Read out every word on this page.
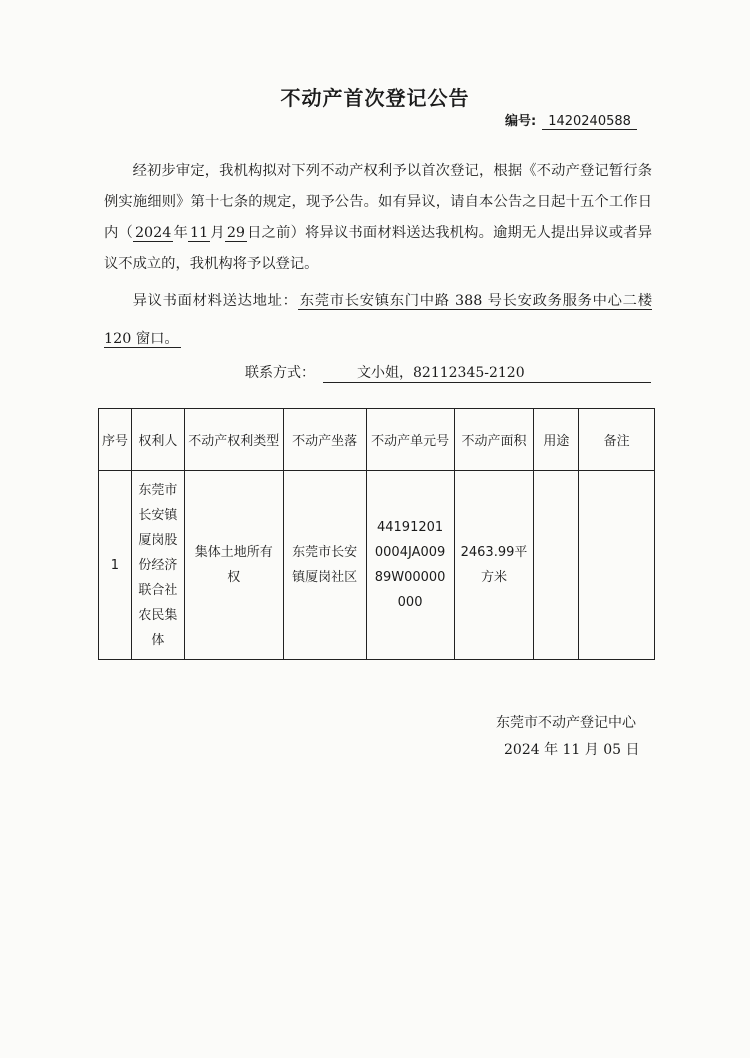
不动产首次登记公告
编号: 1420240588
经初步审定，我机构拟对下列不动产权利予以首次登记，根据《不动产登记暂行条例实施细则》第十七条的规定，现予公告。如有异议，请自本公告之日起十五个工作日内（ 2024 年 11 月 29 日之前）将异议书面材料送达我机构。逾期无人提出异议或者异议不成立的，我机构将予以登记。
异议书面材料送达地址： 东莞市长安镇东门中路 388 号长安政务服务中心二楼 120 窗口。
联系方式：	文小姐，82112345-2120
序号	权利人	不动产权利类型	不动产坐落	不动产单元号	不动产面积	用途	备注
1	东莞市长安镇厦岗股份经济联合社农民集体	集体土地所有权	东莞市长安镇厦岗社区	441912010004JA00989W00000000	2463.99平方米		
东莞市不动产登记中心
2024 年 11 月 05 日
